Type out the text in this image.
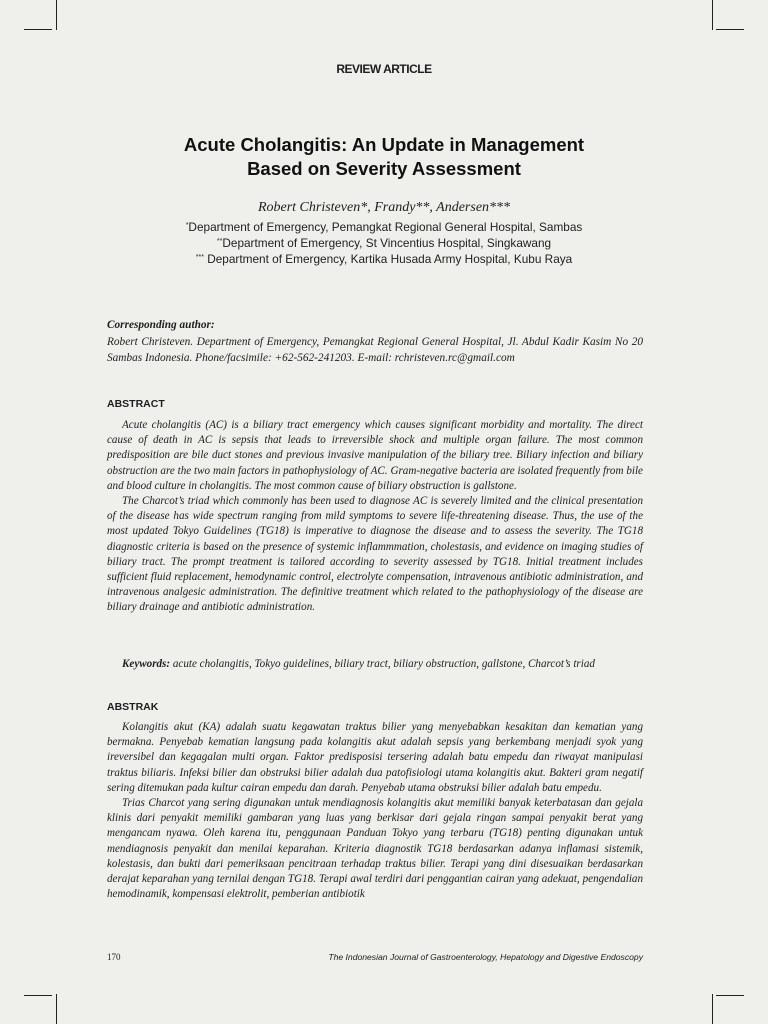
REVIEW ARTICLE
Acute Cholangitis: An Update in Management
Based on Severity Assessment
Robert Christeven*, Frandy**, Andersen***
*Department of Emergency, Pemangkat Regional General Hospital, Sambas
**Department of Emergency, St Vincentius Hospital, Singkawang
*** Department of Emergency, Kartika Husada Army Hospital, Kubu Raya
Corresponding author:
Robert Christeven. Department of Emergency, Pemangkat Regional General Hospital, Jl. Abdul Kadir Kasim No 20 Sambas Indonesia. Phone/facsimile: +62-562-241203. E-mail: rchristeven.rc@gmail.com
ABSTRACT

Acute cholangitis (AC) is a biliary tract emergency which causes significant morbidity and mortality. The direct cause of death in AC is sepsis that leads to irreversible shock and multiple organ failure. The most common predisposition are bile duct stones and previous invasive manipulation of the biliary tree. Biliary infection and biliary obstruction are the two main factors in pathophysiology of AC. Gram-negative bacteria are isolated frequently from bile and blood culture in cholangitis. The most common cause of biliary obstruction is gallstone.

The Charcot’s triad which commonly has been used to diagnose AC is severely limited and the clinical presentation of the disease has wide spectrum ranging from mild symptoms to severe life-threatening disease. Thus, the use of the most updated Tokyo Guidelines (TG18) is imperative to diagnose the disease and to assess the severity. The TG18 diagnostic criteria is based on the presence of systemic inflammmation, cholestasis, and evidence on imaging studies of biliary tract. The prompt treatment is tailored according to severity assessed by TG18. Initial treatment includes sufficient fluid replacement, hemodynamic control, electrolyte compensation, intravenous antibiotic administration, and intravenous analgesic administration. The definitive treatment which related to the pathophysiology of the disease are biliary drainage and antibiotic administration.

Keywords: acute cholangitis, Tokyo guidelines, biliary tract, biliary obstruction, gallstone, Charcot’s triad
ABSTRAK

Kolangitis akut (KA) adalah suatu kegawatan traktus bilier yang menyebabkan kesakitan dan kematian yang bermakna. Penyebab kematian langsung pada kolangitis akut adalah sepsis yang berkembang menjadi syok yang ireversibel dan kegagalan multi organ. Faktor predisposisi tersering adalah batu empedu dan riwayat manipulasi traktus biliaris. Infeksi bilier dan obstruksi bilier adalah dua patofisiologi utama kolangitis akut. Bakteri gram negatif sering ditemukan pada kultur cairan empedu dan darah. Penyebab utama obstruksi bilier adalah batu empedu.

Trias Charcot yang sering digunakan untuk mendiagnosis kolangitis akut memiliki banyak keterbatasan dan gejala klinis dari penyakit memiliki gambaran yang luas yang berkisar dari gejala ringan sampai penyakit berat yang mengancam nyawa. Oleh karena itu, penggunaan Panduan Tokyo yang terbaru (TG18) penting digunakan untuk mendiagnosis penyakit dan menilai keparahan. Kriteria diagnostik TG18 berdasarkan adanya inflamasi sistemik, kolestasis, dan bukti dari pemeriksaan pencitraan terhadap traktus bilier. Terapi yang dini disesuaikan berdasarkan derajat keparahan yang ternilai dengan TG18. Terapi awal terdiri dari penggantian cairan yang adekuat, pengendalian hemodinamik, kompensasi elektrolit, pemberian antibiotik

170	The Indonesian Journal of Gastroenterology, Hepatology and Digestive Endoscopy
